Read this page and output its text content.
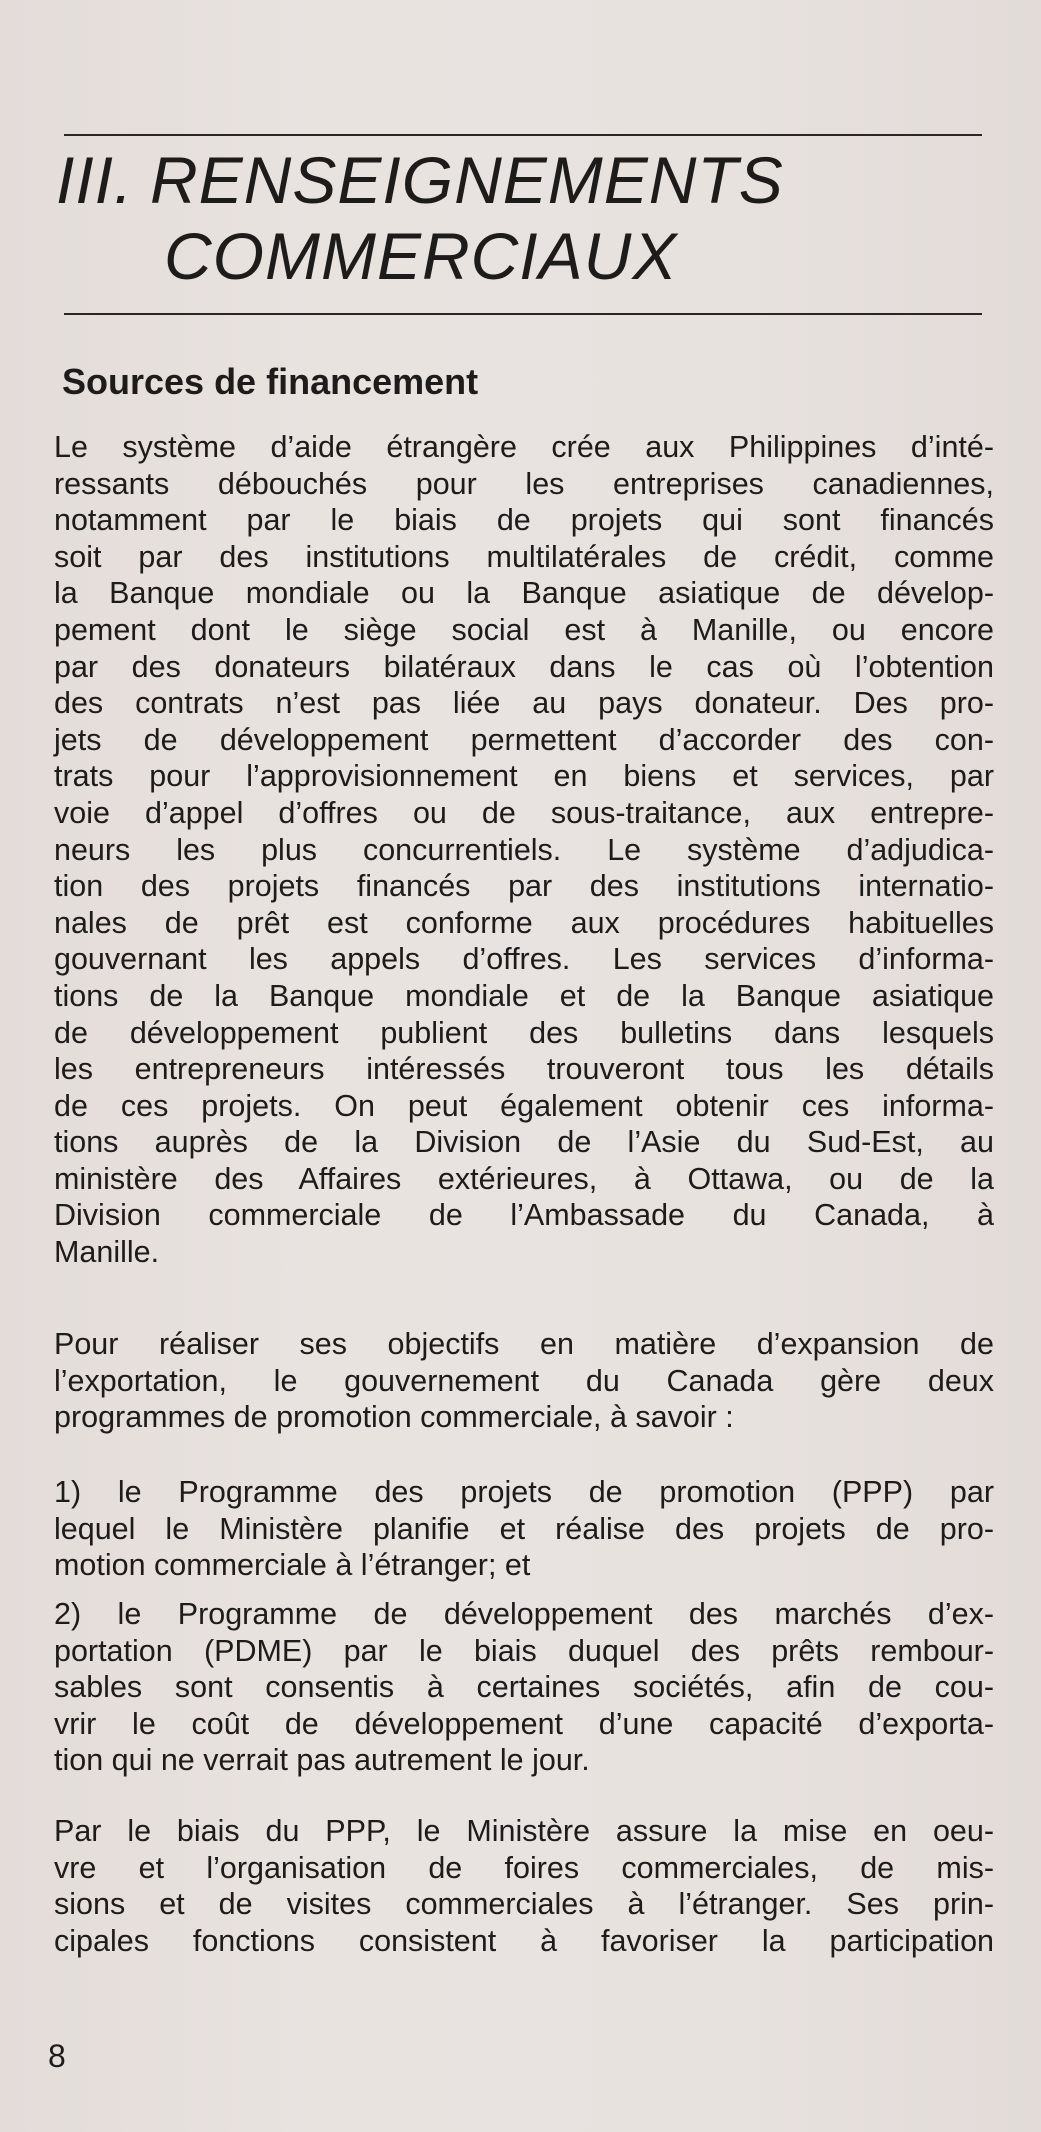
III. RENSEIGNEMENTS
COMMERCIAUX
Sources de financement

Le système d’aide étrangère crée aux Philippines d’inté-
ressants débouchés pour les entreprises canadiennes,
notamment par le biais de projets qui sont financés
soit par des institutions multilatérales de crédit, comme
la Banque mondiale ou la Banque asiatique de dévelop-
pement dont le siège social est à Manille, ou encore
par des donateurs bilatéraux dans le cas où l’obtention
des contrats n’est pas liée au pays donateur. Des pro-
jets de développement permettent d’accorder des con-
trats pour l’approvisionnement en biens et services, par
voie d’appel d’offres ou de sous-traitance, aux entrepre-
neurs les plus concurrentiels. Le système d’adjudica-
tion des projets financés par des institutions internatio-
nales de prêt est conforme aux procédures habituelles
gouvernant les appels d’offres. Les services d’informa-
tions de la Banque mondiale et de la Banque asiatique
de développement publient des bulletins dans lesquels
les entrepreneurs intéressés trouveront tous les détails
de ces projets. On peut également obtenir ces informa-
tions auprès de la Division de l’Asie du Sud-Est, au
ministère des Affaires extérieures, à Ottawa, ou de la
Division commerciale de l’Ambassade du Canada, à
Manille.

Pour réaliser ses objectifs en matière d’expansion de
l’exportation, le gouvernement du Canada gère deux
programmes de promotion commerciale, à savoir :

1) le Programme des projets de promotion (PPP) par
lequel le Ministère planifie et réalise des projets de pro-
motion commerciale à l’étranger; et

2) le Programme de développement des marchés d’ex-
portation (PDME) par le biais duquel des prêts rembour-
sables sont consentis à certaines sociétés, afin de cou-
vrir le coût de développement d’une capacité d’exporta-
tion qui ne verrait pas autrement le jour.

Par le biais du PPP, le Ministère assure la mise en oeu-
vre et l’organisation de foires commerciales, de mis-
sions et de visites commerciales à l’étranger. Ses prin-
cipales fonctions consistent à favoriser la participation

8
